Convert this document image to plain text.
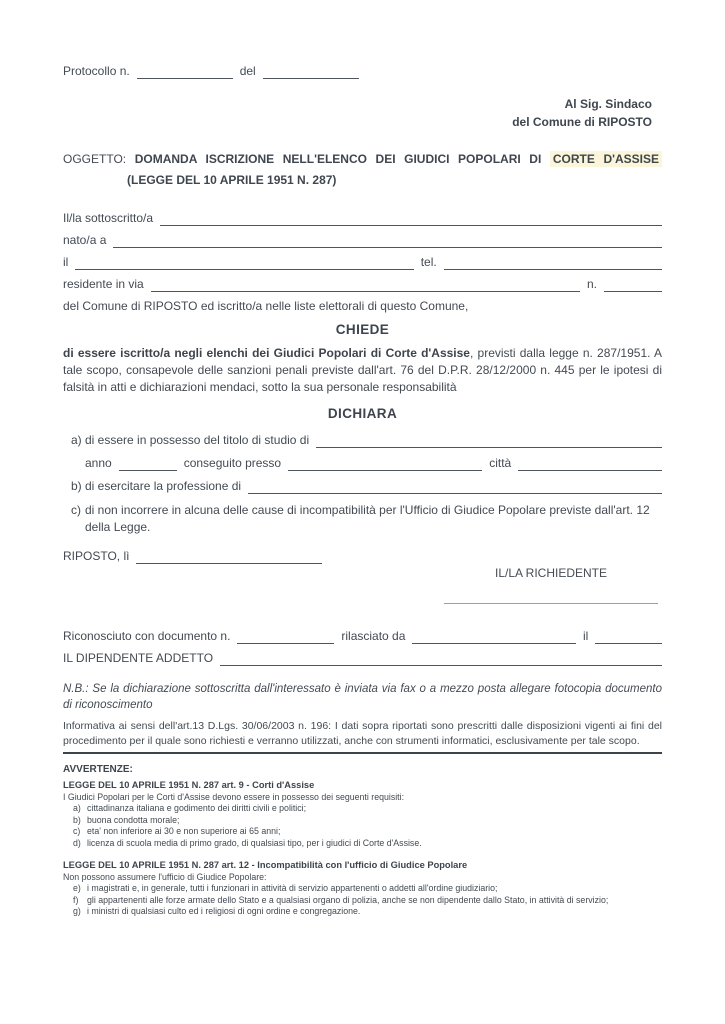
Protocollo n.	del
Al Sig. Sindaco
del Comune di RIPOSTO
OGGETTO: DOMANDA ISCRIZIONE NELL'ELENCO DEI GIUDICI POPOLARI DI CORTE D'ASSISE
(LEGGE DEL 10 APRILE 1951 N. 287)
Il/la sottoscritto/a
nato/a a
il	tel.
residente in via	n.
del Comune di RIPOSTO ed iscritto/a nelle liste elettorali di questo Comune,
CHIEDE
di essere iscritto/a negli elenchi dei Giudici Popolari di Corte d'Assise, previsti dalla legge n. 287/1951. A tale scopo, consapevole delle sanzioni penali previste dall'art. 76 del D.P.R. 28/12/2000 n. 445 per le ipotesi di falsità in atti e dichiarazioni mendaci, sotto la sua personale responsabilità
DICHIARA
a) di essere in possesso del titolo di studio di
anno	conseguito presso	città
b) di esercitare la professione di
c) di non incorrere in alcuna delle cause di incompatibilità per l'Ufficio di Giudice Popolare previste dall'art. 12 della Legge.
RIPOSTO, lì
IL/LA RICHIEDENTE
Riconosciuto con documento n.	rilasciato da	il
IL DIPENDENTE ADDETTO
N.B.: Se la dichiarazione sottoscritta dall'interessato è inviata via fax o a mezzo posta allegare fotocopia documento di riconoscimento
Informativa ai sensi dell'art.13 D.Lgs. 30/06/2003 n. 196: I dati sopra riportati sono prescritti dalle disposizioni vigenti ai fini del procedimento per il quale sono richiesti e verranno utilizzati, anche con strumenti informatici, esclusivamente per tale scopo.
AVVERTENZE:
LEGGE DEL 10 APRILE 1951 N. 287 art. 9 - Corti d'Assise
I Giudici Popolari per le Corti d'Assise devono essere in possesso dei seguenti requisiti:
a) cittadinanza italiana e godimento dei diritti civili e politici;
b) buona condotta morale;
c) eta' non inferiore ai 30 e non superiore ai 65 anni;
d) licenza di scuola media di primo grado, di qualsiasi tipo, per i giudici di Corte d'Assise.
LEGGE DEL 10 APRILE 1951 N. 287 art. 12 - Incompatibilità con l'ufficio di Giudice Popolare
Non possono assumere l'ufficio di Giudice Popolare:
e) i magistrati e, in generale, tutti i funzionari in attività di servizio appartenenti o addetti all'ordine giudiziario;
f) gli appartenenti alle forze armate dello Stato e a qualsiasi organo di polizia, anche se non dipendente dallo Stato, in attività di servizio;
g) i ministri di qualsiasi culto ed i religiosi di ogni ordine e congregazione.
